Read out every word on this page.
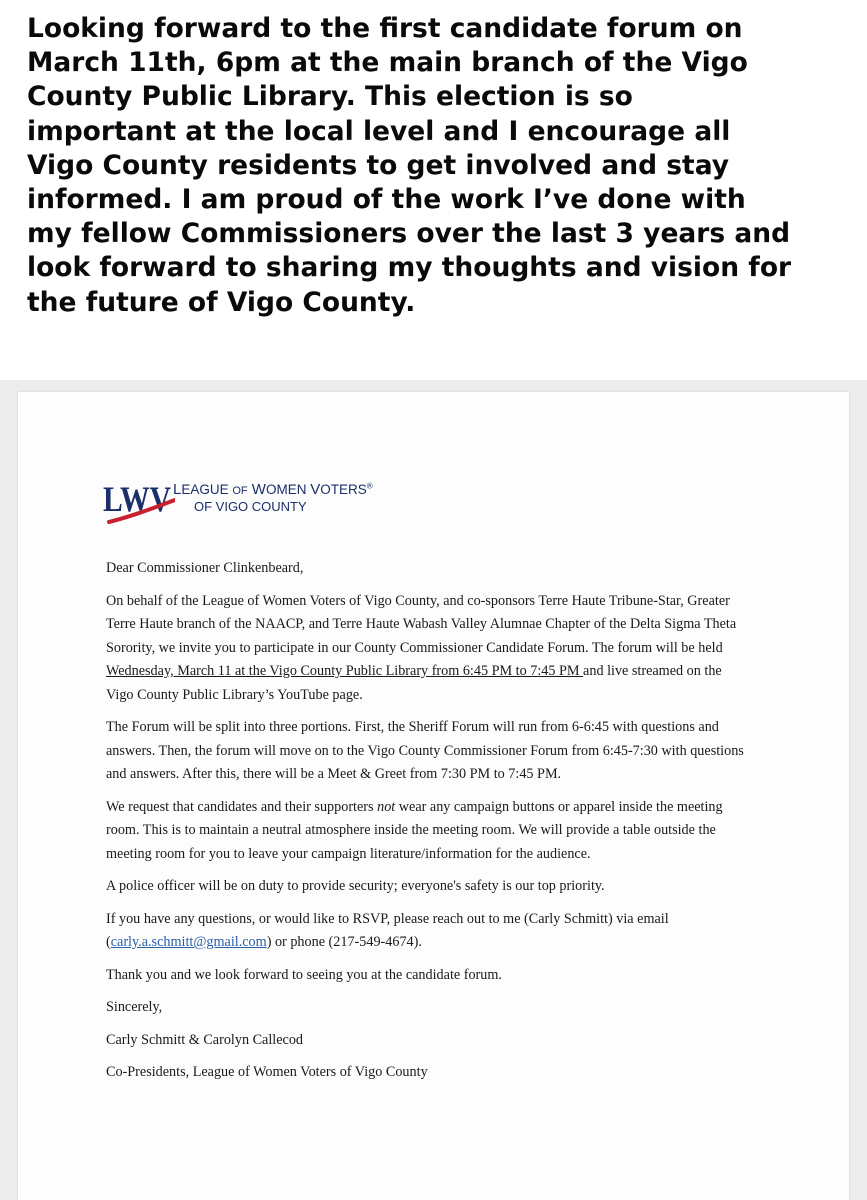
Looking forward to the first candidate forum on
March 11th, 6pm at the main branch of the Vigo
County Public Library. This election is so
important at the local level and I encourage all
Vigo County residents to get involved and stay
informed. I am proud of the work I’ve done with
my fellow Commissioners over the last 3 years and
look forward to sharing my thoughts and vision for
the future of Vigo County.
LWV LEAGUE OF WOMEN VOTERS®
OF VIGO COUNTY

Dear Commissioner Clinkenbeard,

On behalf of the League of Women Voters of Vigo County, and co-sponsors Terre Haute Tribune-Star, Greater Terre Haute branch of the NAACP, and Terre Haute Wabash Valley Alumnae Chapter of the Delta Sigma Theta Sorority, we invite you to participate in our County Commissioner Candidate Forum. The forum will be held Wednesday, March 11 at the Vigo County Public Library from 6:45 PM to 7:45 PM and live streamed on the Vigo County Public Library’s YouTube page.

The Forum will be split into three portions. First, the Sheriff Forum will run from 6-6:45 with questions and answers. Then, the forum will move on to the Vigo County Commissioner Forum from 6:45-7:30 with questions and answers. After this, there will be a Meet & Greet from 7:30 PM to 7:45 PM.

We request that candidates and their supporters not wear any campaign buttons or apparel inside the meeting room. This is to maintain a neutral atmosphere inside the meeting room. We will provide a table outside the meeting room for you to leave your campaign literature/information for the audience.

A police officer will be on duty to provide security; everyone's safety is our top priority.

If you have any questions, or would like to RSVP, please reach out to me (Carly Schmitt) via email (carly.a.schmitt@gmail.com) or phone (217-549-4674).

Thank you and we look forward to seeing you at the candidate forum.

Sincerely,

Carly Schmitt & Carolyn Callecod

Co-Presidents, League of Women Voters of Vigo County
